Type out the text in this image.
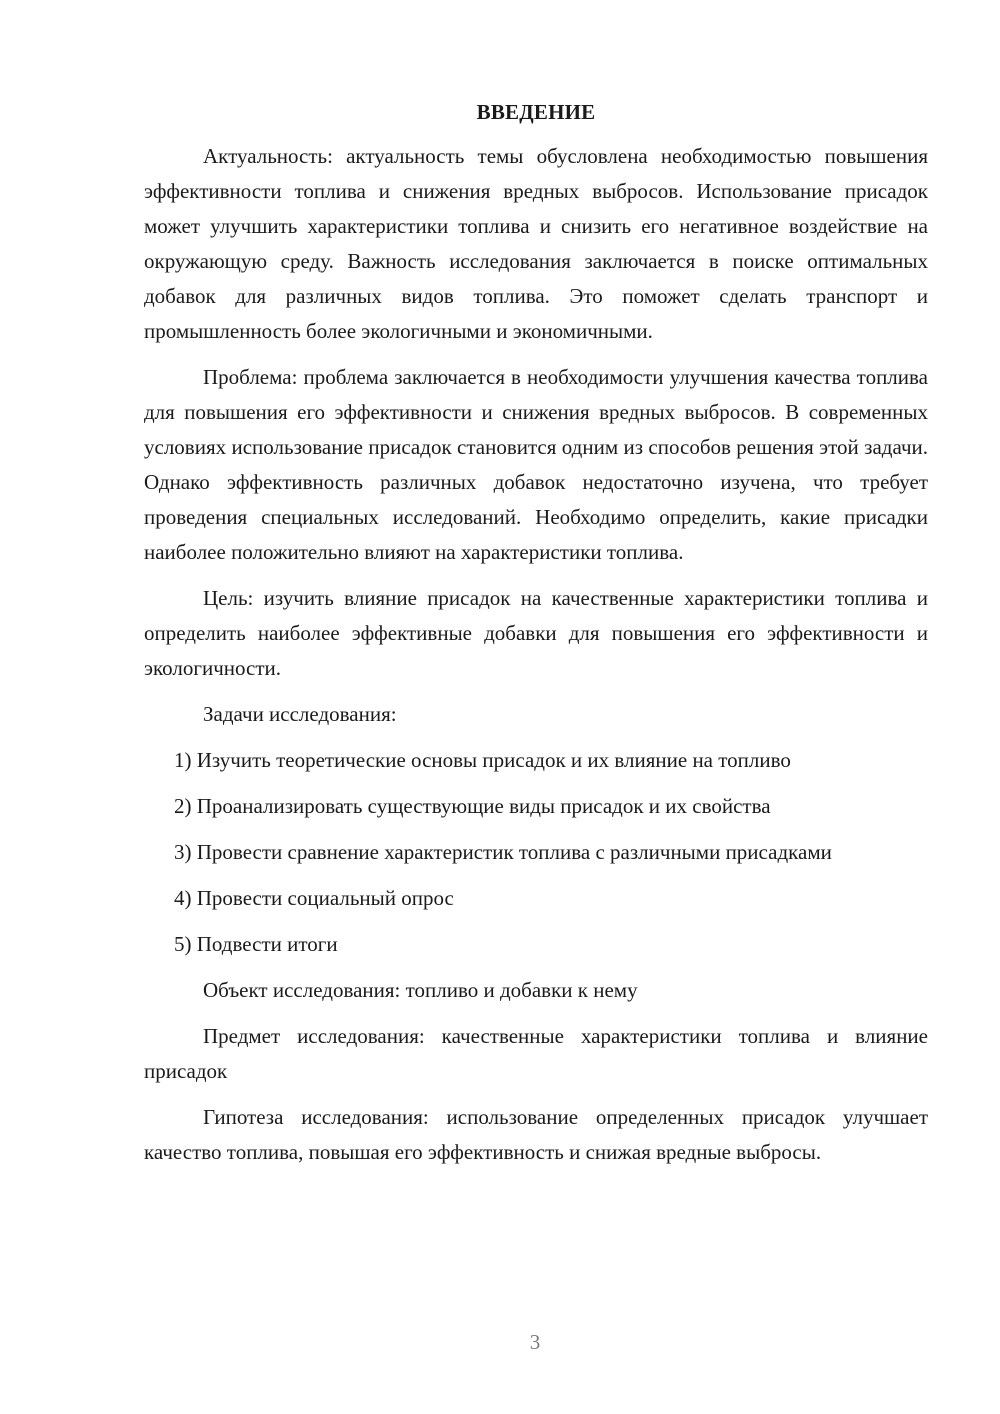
ВВЕДЕНИЕ

Актуальность: актуальность темы обусловлена необходимостью повышения эффективности топлива и снижения вредных выбросов. Использование присадок может улучшить характеристики топлива и снизить его негативное воздействие на окружающую среду. Важность исследования заключается в поиске оптимальных добавок для различных видов топлива. Это поможет сделать транспорт и промышленность более экологичными и экономичными.

Проблема: проблема заключается в необходимости улучшения качества топлива для повышения его эффективности и снижения вредных выбросов. В современных условиях использование присадок становится одним из способов решения этой задачи. Однако эффективность различных добавок недостаточно изучена, что требует проведения специальных исследований. Необходимо определить, какие присадки наиболее положительно влияют на характеристики топлива.

Цель: изучить влияние присадок на качественные характеристики топлива и определить наиболее эффективные добавки для повышения его эффективности и экологичности.

Задачи исследования:

1) Изучить теоретические основы присадок и их влияние на топливо

2) Проанализировать существующие виды присадок и их свойства

3) Провести сравнение характеристик топлива с различными присадками

4) Провести социальный опрос

5) Подвести итоги

Объект исследования: топливо и добавки к нему

Предмет исследования: качественные характеристики топлива и влияние присадок

Гипотеза исследования: использование определенных присадок улучшает качество топлива, повышая его эффективность и снижая вредные выбросы.

3
